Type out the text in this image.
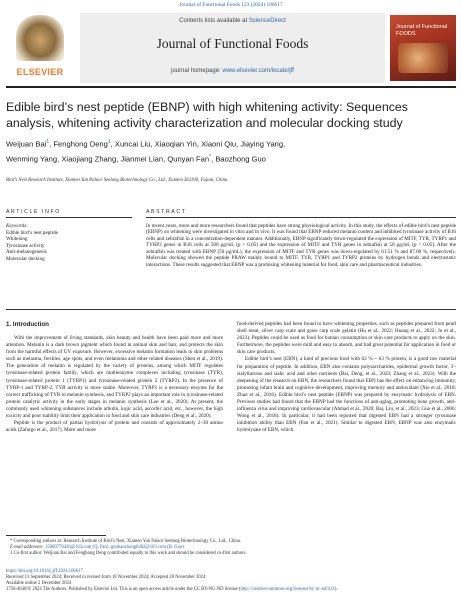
Journal of Functional Foods 123 (2024) 106617
ELSEVIER
Contents lists available at ScienceDirect
Journal of Functional Foods
journal homepage: www.elsevier.com/locate/jff
Journal of Functional FOODS
Edible bird’s nest peptide (EBNP) with high whitening activity: Sequences analysis, whitening activity characterization and molecular docking study
Weijuan Bai$^1$, Fenghong Deng$^1$, Xuncai Liu, Xiaoqian Yin, Xiaoni Qiu, Jiaying Yang,
Wenming Yang, Xiaojiang Zhang, Jianmei Lian, Qunyan Fan*, Baozhong Guo
Bird’s Nest Research Institute, Xiamen Yan Palace Seelong Biotechnology Co., Ltd., Xiamen 361100, Fujian, China
ARTICLE INFO	ABSTRACT
Keywords:
Edible bird’s nest peptide
Whitening
Tyrosinase activity
Anti-melanogenesis
Molecular docking
In recent years, more and more researchers found that peptides have strong physiological activity. In this study, the effects of edible bird’s nest peptide (EBNP) on whitening were investigated in vitro and in vivo. It was found that EBNP reduced melanin content and inhibited tyrosinase activity of B16 cells and zebrafish in a concentration-dependent manner. Additionally, EBNP significantly down-regulated the expression of MITF, TYR, TYRP1 and TYRP2 genes in B16 cells at 500 μg/mL (p < 0.05) and the expression of MITF and TYR genes in zebrafish at 50 μg/mL (p < 0.05). After the zebrafish was treated with EBNP (50 μg/mL), the expression of MITF and TYR genes was down-regulated by 61.51 % and 87.00 %, respectively. Molecular docking showed the peptide PRAW mainly bound to MITF, TYR, TYRP1 and TYRP2 proteins by hydrogen bonds and electrostatic interactions. These results suggested that EBNP was a promising whitening material for food, skin care and pharmaceutical industries.
1. Introduction

With the improvement of living standards, skin beauty and health have been paid more and more attention. Melanin is a dark brown pigment which found in animal skin and hair, and protects the skin from the harmful effects of UV exposure. However, excessive melanin formation leads to skin problems such as melasma, freckles, age spots, and even melanoma and other related diseases (Shen et al., 2019). The generation of melanin is regulated by the variety of proteins, among which MITF regulates tyrosinase-related protein family, which are multienzyme complexes including tyrosinase (TYR), tyrosinase-related protein 1 (TYRP1) and tyrosinase-related protein 2 (TYRP2). In the presence of TYRP-1 and TYRP-2, TYR activity is more stable. Moreover, TYRP1 is a necessary enzyme for the correct trafficking of TYR to melanin synthesis, and TYRP2 plays an important role in tyrosinase-related protein catalytic activity in the early stages in melanin synthesis (Lee et al., 2020). At present, the commonly used whitening substances include arbutin, kojic acid, ascorbic acid, etc., however, the high toxicity and poor stability limit their application in food and skin care industries (Deng et al., 2020).

Peptide is the product of partial hydrolysis of protein and consists of approximately 2–30 amino acids (Zafargo et al., 2017). More and more

food-derived peptides had been found to have whitening properties, such as peptides prepared from pearl shell meat, silver carp scale and grass carp scale gelatin (Hu et al., 2022; Huang et al., 2022; Jo et al., 2023). Peptides could be used as food for human consumption or skin care products to apply on the skin. Furthermore, the peptides were mild and easy to absorb, and had great potential for application in food or skin care products.

Edible bird’s nest (EBN), a kind of precious food with 62 % ~ 63 % protein, is a good raw material for preparation of peptide. In addition, EBN also contains polysaccharides, epidermal growth factor, 3′-sialyllactose and sialic acid and other nutrients (Bai, Deng, et al., 2023; Zhang et al., 2023). With the deepening of the research on EBN, the researchers found that EBN has the effect on enhancing immunity, promoting infant brain and cognitive development, improving memory and antioxidant (Xie et al., 2018; Zhao et al., 2016). Edible bird’s nest peptide (EBNP) was prepared by enzymatic hydrolysis of EBN. Previous studies had found that the EBNP had the functions of anti-aging, promoting bone growth, anti-influenza virus and improving cardiovascular (Ahmad et al., 2020; Bai, Liu, et al., 2023; Guo et al., 2006; Wong et al., 2018). In particular, it had been reported that digested EBN had a stronger tyrosinase inhibition ability than EBN (Fan et al., 2021). Similar to digested EBN, EBNP was also enzymatic hydrolysate of EBN, which

* Corresponding authors at: Research Institute of Bird’s Nest, Xiamen Yan Palace Seelong Biotechnology Co., Ltd., China.
E-mail addresses: 15860770426@163.com (Q. Fan), guobaozhong0482@163.com (B. Guo).
1 Co-first author: Weijuan Bai and Fenghong Deng contributed equally to this work and should be considered co-first authors.
https://doi.org/10.1016/j.jff.2024.106617
Received 13 September 2024; Received in revised form 18 November 2024; Accepted 28 November 2024
Available online 2 December 2024
1756-4646/© 2024 The Authors. Published by Elsevier Ltd. This is an open access article under the CC BY-NC-ND license (http://creativecommons.org/licenses/by-nc-nd/4.0/).
